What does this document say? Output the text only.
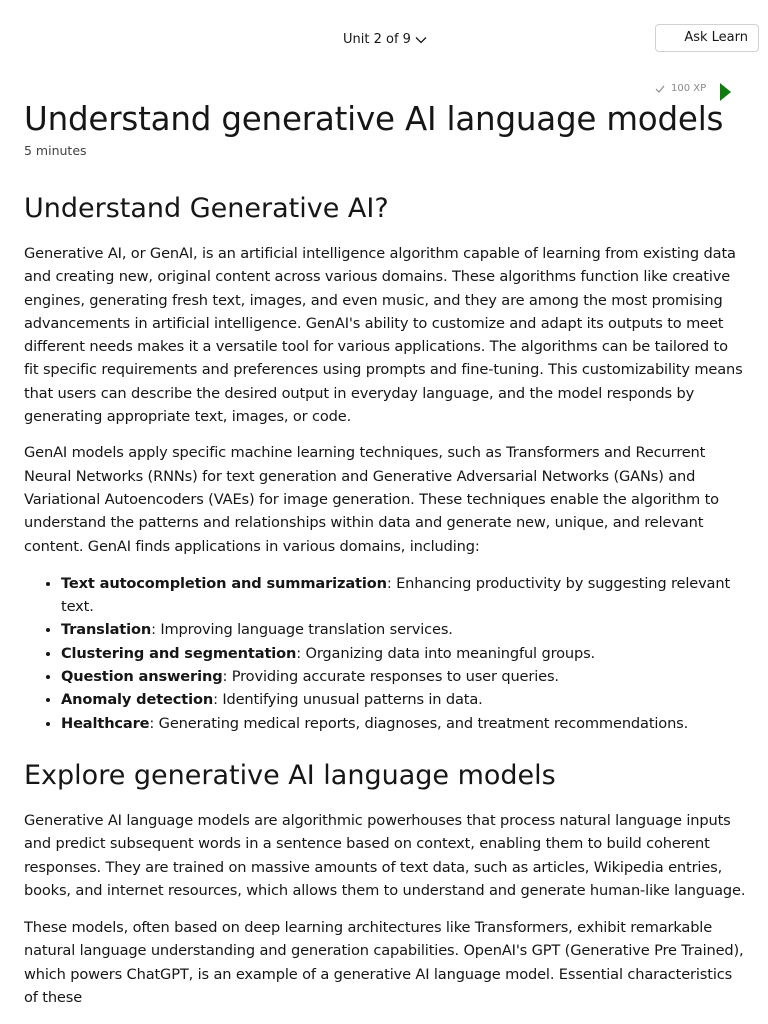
Unit 2 of 9	Ask Learn
100 XP
Understand generative AI language models
5 minutes
Understand Generative AI?

Generative AI, or GenAI, is an artificial intelligence algorithm capable of learning from existing data and creating new, original content across various domains. These algorithms function like creative engines, generating fresh text, images, and even music, and they are among the most promising advancements in artificial intelligence. GenAI's ability to customize and adapt its outputs to meet different needs makes it a versatile tool for various applications. The algorithms can be tailored to fit specific requirements and preferences using prompts and fine-tuning. This customizability means that users can describe the desired output in everyday language, and the model responds by generating appropriate text, images, or code.

GenAI models apply specific machine learning techniques, such as Transformers and Recurrent Neural Networks (RNNs) for text generation and Generative Adversarial Networks (GANs) and Variational Autoencoders (VAEs) for image generation. These techniques enable the algorithm to understand the patterns and relationships within data and generate new, unique, and relevant content. GenAI finds applications in various domains, including:

• Text autocompletion and summarization: Enhancing productivity by suggesting relevant text.
• Translation: Improving language translation services.
• Clustering and segmentation: Organizing data into meaningful groups.
• Question answering: Providing accurate responses to user queries.
• Anomaly detection: Identifying unusual patterns in data.
• Healthcare: Generating medical reports, diagnoses, and treatment recommendations.
Explore generative AI language models

Generative AI language models are algorithmic powerhouses that process natural language inputs and predict subsequent words in a sentence based on context, enabling them to build coherent responses. They are trained on massive amounts of text data, such as articles, Wikipedia entries, books, and internet resources, which allows them to understand and generate human-like language.

These models, often based on deep learning architectures like Transformers, exhibit remarkable natural language understanding and generation capabilities. OpenAI's GPT (Generative Pre Trained), which powers ChatGPT, is an example of a generative AI language model. Essential characteristics of these
